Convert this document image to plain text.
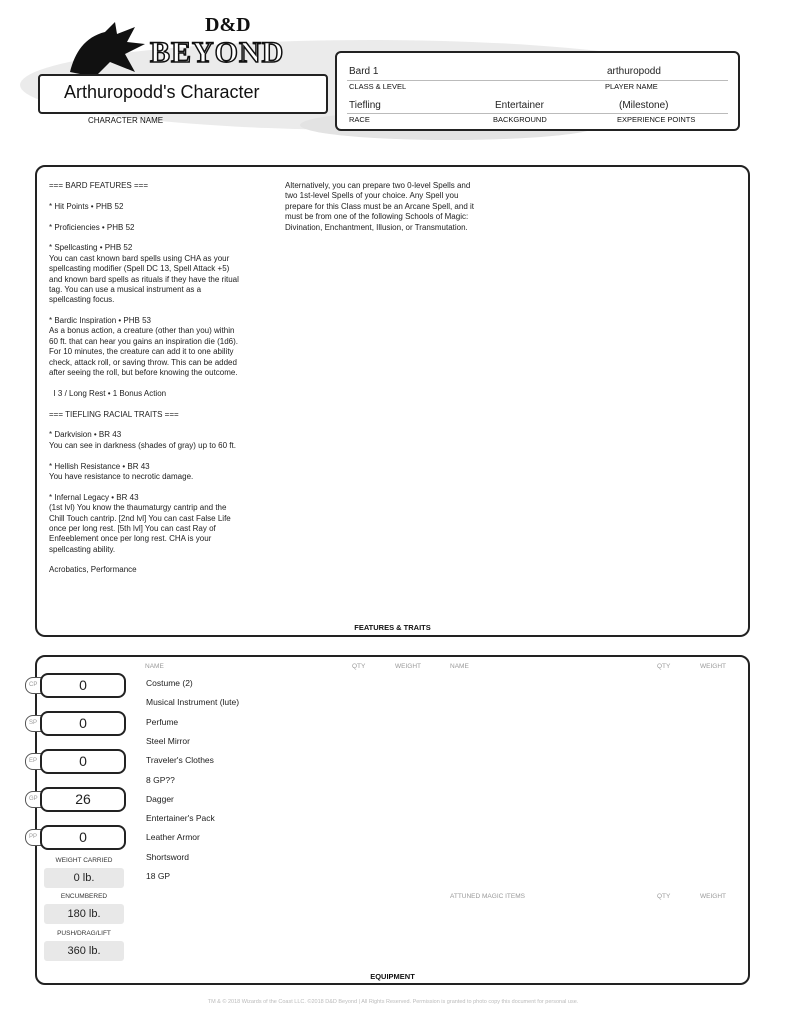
D&D
BEYOND
Arthuropodd's Character
CHARACTER NAME
Bard 1
CLASS & LEVEL
arthuropodd
PLAYER NAME
Tiefling
RACE
Entertainer
BACKGROUND
(Milestone)
EXPERIENCE POINTS
=== BARD FEATURES ===
* Hit Points • PHB 52
* Proficiencies • PHB 52
* Spellcasting • PHB 52
You can cast known bard spells using CHA as your
spellcasting modifier (Spell DC 13, Spell Attack +5)
and known bard spells as rituals if they have the ritual
tag. You can use a musical instrument as a
spellcasting focus.
* Bardic Inspiration • PHB 53
As a bonus action, a creature (other than you) within
60 ft. that can hear you gains an inspiration die (1d6).
For 10 minutes, the creature can add it to one ability
check, attack roll, or saving throw. This can be added
after seeing the roll, but before knowing the outcome.
I 3 / Long Rest • 1 Bonus Action
=== TIEFLING RACIAL TRAITS ===
* Darkvision • BR 43
You can see in darkness (shades of gray) up to 60 ft.
* Hellish Resistance • BR 43
You have resistance to necrotic damage.
* Infernal Legacy • BR 43
(1st lvl) You know the thaumaturgy cantrip and the
Chill Touch cantrip. [2nd lvl] You can cast False Life
once per long rest. [5th lvl] You can cast Ray of
Enfeeblement once per long rest. CHA is your
spellcasting ability.
Acrobatics, Performance
Alternatively, you can prepare two 0-level Spells and
two 1st-level Spells of your choice. Any Spell you
prepare for this Class must be an Arcane Spell, and it
must be from one of the following Schools of Magic:
Divination, Enchantment, Illusion, or Transmutation.
FEATURES & TRAITS
EQUIPMENT
CP	0
SP	0
EP	0
GP	26
PP	0
WEIGHT CARRIED
0 lb.
ENCUMBERED
180 lb.
PUSH/DRAG/LIFT
360 lb.
NAME	QTY	WEIGHT	NAME	QTY	WEIGHT
ATTUNED MAGIC ITEMS	QTY	WEIGHT
Costume (2)
Musical Instrument (lute)
Perfume
Steel Mirror
Traveler's Clothes
8 GP??
Dagger
Entertainer's Pack
Leather Armor
Shortsword
18 GP
TM & © 2018 Wizards of the Coast LLC. ©2018 D&D Beyond | All Rights Reserved. Permission is granted to photo copy this document for personal use.
